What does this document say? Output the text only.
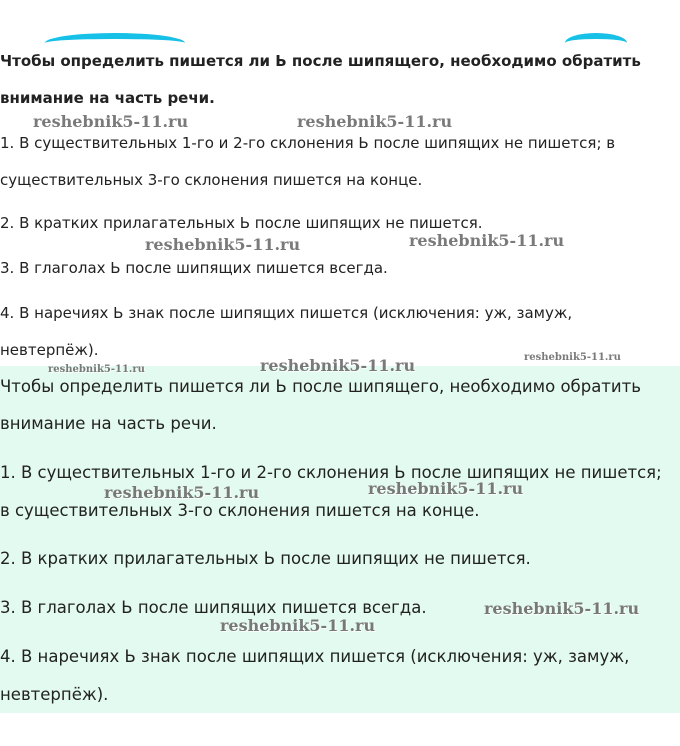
Чтобы определить пишется ли Ь после шипящего, необходимо обратить
внимание на часть речи.
1. В существительных 1-го и 2-го склонения Ь после шипящих не пишется; в
существительных 3-го склонения пишется на конце.
2. В кратких прилагательных Ь после шипящих не пишется.
3. В глаголах Ь после шипящих пишется всегда.
4. В наречиях Ь знак после шипящих пишется (исключения: уж, замуж,
невтерпёж).
Чтобы определить пишется ли Ь после шипящего, необходимо обратить
внимание на часть речи.
1. В существительных 1-го и 2-го склонения Ь после шипящих не пишется;
в существительных 3-го склонения пишется на конце.
2. В кратких прилагательных Ь после шипящих не пишется.
3. В глаголах Ь после шипящих пишется всегда.
4. В наречиях Ь знак после шипящих пишется (исключения: уж, замуж,
невтерпёж).
reshebnik5-11.ru	reshebnik5-11.ru
reshebnik5-11.ru	reshebnik5-11.ru
reshebnik5-11.ru	reshebnik5-11.ru	reshebnik5-11.ru
reshebnik5-11.ru	reshebnik5-11.ru
reshebnik5-11.ru
reshebnik5-11.ru
